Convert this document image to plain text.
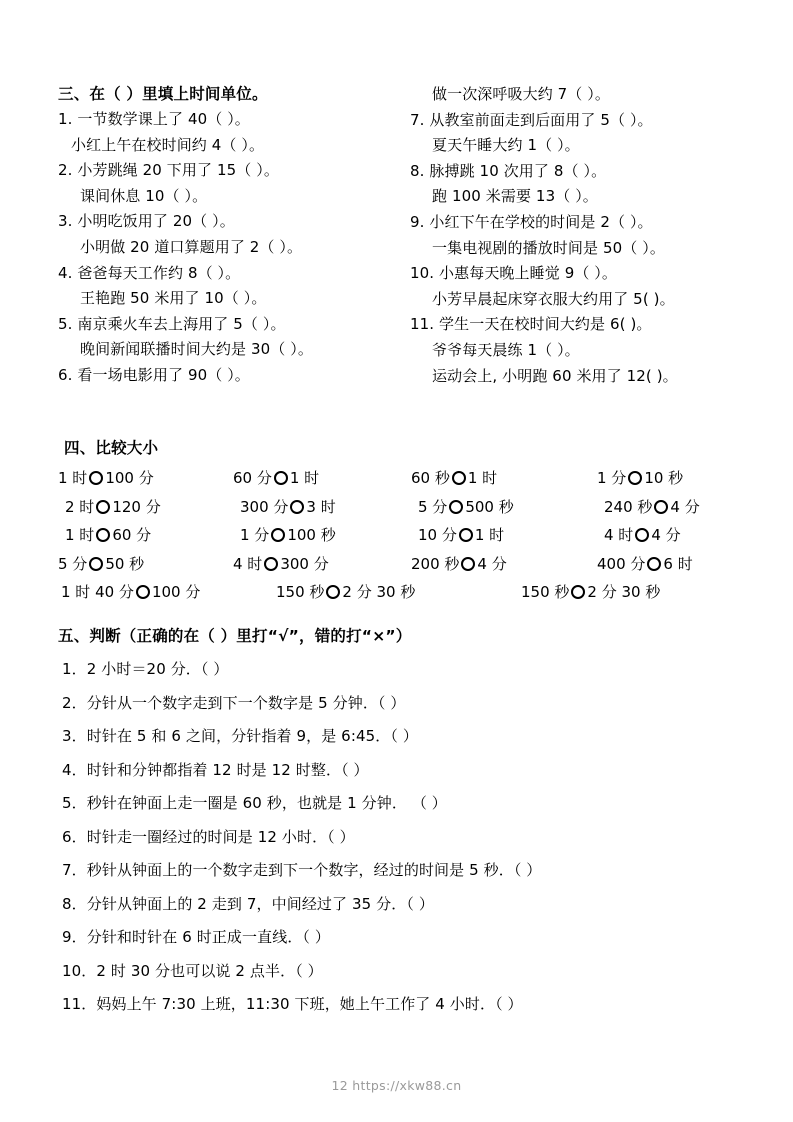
三、在（ ）里填上时间单位。
1. 一节数学课上了 40（ ）。
小红上午在校时间约 4（ ）。
2. 小芳跳绳 20 下用了 15（ ）。
课间休息 10（ ）。
3. 小明吃饭用了 20（ ）。
小明做 20 道口算题用了 2（ ）。
4. 爸爸每天工作约 8（ ）。
王艳跑 50 米用了 10（ ）。
5. 南京乘火车去上海用了 5（ ）。
晚间新闻联播时间大约是 30（ ）。
6. 看一场电影用了 90（ ）。
做一次深呼吸大约 7（ ）。
7. 从教室前面走到后面用了 5（ ）。
夏天午睡大约 1（ ）。
8. 脉搏跳 10 次用了 8（ ）。
跑 100 米需要 13（ ）。
9. 小红下午在学校的时间是 2（ ）。
一集电视剧的播放时间是 50（ ）。
10. 小惠每天晚上睡觉 9（ ）。
小芳早晨起床穿衣服大约用了 5( )。
11. 学生一天在校时间大约是 6( )。
爷爷每天晨练 1（ ）。
运动会上, 小明跑 60 米用了 12( )。
四、比较大小
1 时 100 分	60 分 1 时	60 秒 1 时	1 分 10 秒
2 时 120 分	300 分 3 时	5 分 500 秒	240 秒 4 分
1 时 60 分	1 分 100 秒	10 分 1 时	4 时 4 分
5 分 50 秒	4 时 300 分	200 秒 4 分	400 分 6 时
1 时 40 分 100 分	150 秒 2 分 30 秒	150 秒 2 分 30 秒
五、判断（正确的在（ ）里打“√”，错的打“×”）
1．2 小时＝20 分．（ ）
2．分针从一个数字走到下一个数字是 5 分钟．（ ）
3．时针在 5 和 6 之间，分针指着 9，是 6:45．（ ）
4．时针和分钟都指着 12 时是 12 时整．（ ）
5．秒针在钟面上走一圈是 60 秒，也就是 1 分钟． （ ）
6．时针走一圈经过的时间是 12 小时．（ ）
7．秒针从钟面上的一个数字走到下一个数字，经过的时间是 5 秒．（ ）
8．分针从钟面上的 2 走到 7，中间经过了 35 分．（ ）
9．分针和时针在 6 时正成一直线．（ ）
10．2 时 30 分也可以说 2 点半．（ ）
11．妈妈上午 7:30 上班，11:30 下班，她上午工作了 4 小时．（ ）
12 https://xkw88.cn
